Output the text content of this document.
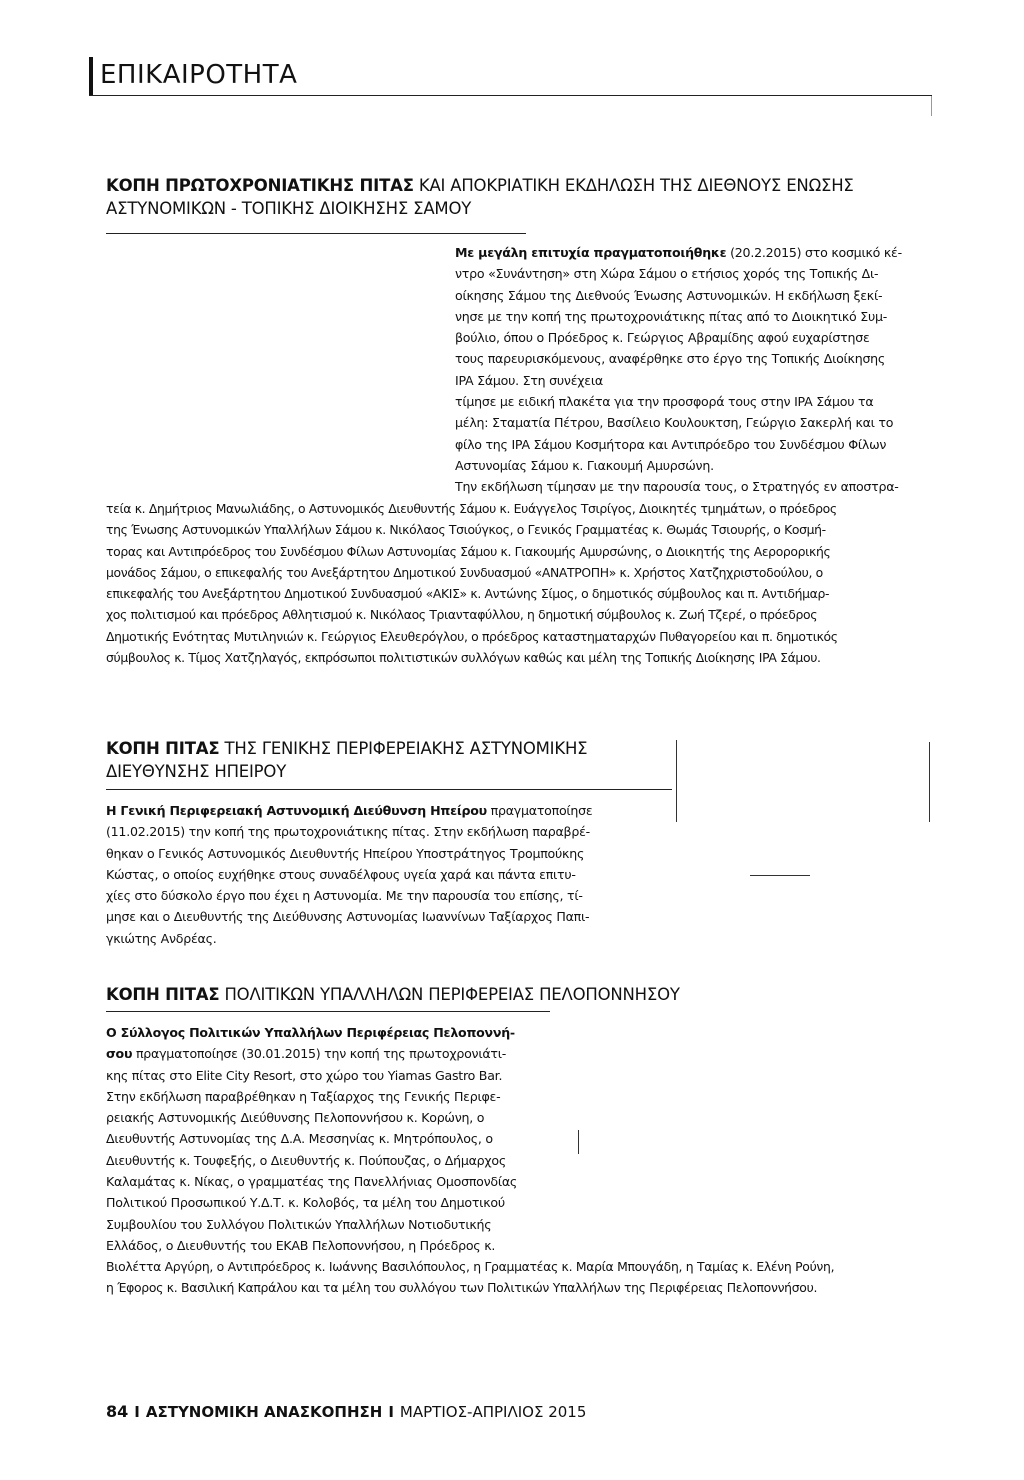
ΕΠΙΚΑΙΡΟΤΗΤΑ
ΚΟΠΗ ΠΡΩΤΟΧΡΟΝΙΑΤΙΚΗΣ ΠΙΤΑΣ ΚΑΙ ΑΠΟΚΡΙΑΤΙΚΗ ΕΚΔΗΛΩΣΗ ΤΗΣ ΔΙΕΘΝΟΥΣ ΕΝΩΣΗΣ
ΑΣΤΥΝΟΜΙΚΩΝ - ΤΟΠΙΚΗΣ ΔΙΟΙΚΗΣΗΣ ΣΑΜΟΥ
Με μεγάλη επιτυχία πραγματοποιήθηκε (20.2.2015) στο κοσμικό κέ-
ντρο «Συνάντηση» στη Χώρα Σάμου ο ετήσιος χορός της Τοπικής Δι-
οίκησης Σάμου της Διεθνούς Ένωσης Αστυνομικών. Η εκδήλωση ξεκί-
νησε με την κοπή της πρωτοχρονιάτικης πίτας από το Διοικητικό Συμ-
βούλιο, όπου ο Πρόεδρος κ. Γεώργιος Αβραμίδης αφού ευχαρίστησε
τους παρευρισκόμενους, αναφέρθηκε στο έργο της Τοπικής Διοίκησης
IPA Σάμου. Στη συνέχεια
τίμησε με ειδική πλακέτα για την προσφορά τους στην IPA Σάμου τα
μέλη: Σταματία Πέτρου, Βασίλειο Κουλουκτση, Γεώργιο Σακερλή και το
φίλο της IPA Σάμου Κοσμήτορα και Αντιπρόεδρο του Συνδέσμου Φίλων
Αστυνομίας Σάμου κ. Γιακουμή Αμυρσώνη.
Την εκδήλωση τίμησαν με την παρουσία τους, ο Στρατηγός εν αποστρα-
τεία κ. Δημήτριος Μανωλιάδης, ο Αστυνομικός Διευθυντής Σάμου κ. Ευάγγελος Τσιρίγος, Διοικητές τμημάτων, ο πρόεδρος
της Ένωσης Αστυνομικών Υπαλλήλων Σάμου κ. Νικόλαος Τσιούγκος, ο Γενικός Γραμματέας κ. Θωμάς Τσιουρής, ο Κοσμή-
τορας και Αντιπρόεδρος του Συνδέσμου Φίλων Αστυνομίας Σάμου κ. Γιακουμής Αμυρσώνης, ο Διοικητής της Αερορορικής
μονάδος Σάμου, ο επικεφαλής του Ανεξάρτητου Δημοτικού Συνδυασμού «ΑΝΑΤΡΟΠΗ» κ. Χρήστος Χατζηχριστοδούλου, ο
επικεφαλής του Ανεξάρτητου Δημοτικού Συνδυασμού «ΑΚΙΣ» κ. Αντώνης Σίμος, ο δημοτικός σύμβουλος και π. Αντιδήμαρ-
χος πολιτισμού και πρόεδρος Αθλητισμού κ. Νικόλαος Τριανταφύλλου, η δημοτική σύμβουλος κ. Ζωή Τζερέ, ο πρόεδρος
Δημοτικής Ενότητας Μυτιληνιών κ. Γεώργιος Ελευθερόγλου, ο πρόεδρος καταστηματαρχών Πυθαγορείου και π. δημοτικός
σύμβουλος κ. Τίμος Χατζηλαγός, εκπρόσωποι πολιτιστικών συλλόγων καθώς και μέλη της Τοπικής Διοίκησης IPA Σάμου.
ΚΟΠΗ ΠΙΤΑΣ ΤΗΣ ΓΕΝΙΚΗΣ ΠΕΡΙΦΕΡΕΙΑΚΗΣ ΑΣΤΥΝΟΜΙΚΗΣ
ΔΙΕΥΘΥΝΣΗΣ ΗΠΕΙΡΟΥ
Η Γενική Περιφερειακή Αστυνομική Διεύθυνση Ηπείρου πραγματοποίησε
(11.02.2015) την κοπή της πρωτοχρονιάτικης πίτας. Στην εκδήλωση παραβρέ-
θηκαν ο Γενικός Αστυνομικός Διευθυντής Ηπείρου Υποστράτηγος Τρομπούκης
Κώστας, ο οποίος ευχήθηκε στους συναδέλφους υγεία χαρά και πάντα επιτυ-
χίες στο δύσκολο έργο που έχει η Αστυνομία. Με την παρουσία του επίσης, τί-
μησε και ο Διευθυντής της Διεύθυνσης Αστυνομίας Ιωαννίνων Ταξίαρχος Παπι-
γκιώτης Ανδρέας.
ΚΟΠΗ ΠΙΤΑΣ ΠΟΛΙΤΙΚΩΝ ΥΠΑΛΛΗΛΩΝ ΠΕΡΙΦΕΡΕΙΑΣ ΠΕΛΟΠΟΝΝΗΣΟΥ
Ο Σύλλογος Πολιτικών Υπαλλήλων Περιφέρειας Πελοποννή-
σου πραγματοποίησε (30.01.2015) την κοπή της πρωτοχρονιάτι-
κης πίτας στο Elite City Resort, στο χώρο του Yiamas Gastro Bar.
Στην εκδήλωση παραβρέθηκαν η Ταξίαρχος της Γενικής Περιφε-
ρειακής Αστυνομικής Διεύθυνσης Πελοποννήσου κ. Κορώνη, ο
Διευθυντής Αστυνομίας της Δ.Α. Μεσσηνίας κ. Μητρόπουλος, ο
Διευθυντής κ. Τουφεξής, ο Διευθυντής κ. Πούπουζας, ο Δήμαρχος
Καλαμάτας κ. Νίκας, ο γραμματέας της Πανελλήνιας Ομοσπονδίας
Πολιτικού Προσωπικού Υ.Δ.Τ. κ. Κολοβός, τα μέλη του Δημοτικού
Συμβουλίου του Συλλόγου Πολιτικών Υπαλλήλων Νοτιοδυτικής
Ελλάδος, ο Διευθυντής του ΕΚΑΒ Πελοποννήσου, η Πρόεδρος κ.
Βιολέττα Αργύρη, ο Αντιπρόεδρος κ. Ιωάννης Βασιλόπουλος, η Γραμματέας κ. Μαρία Μπουγάδη, η Ταμίας κ. Ελένη Ρούνη,
η Έφορος κ. Βασιλική Καπράλου και τα μέλη του συλλόγου των Πολιτικών Υπαλλήλων της Περιφέρειας Πελοποννήσου.
84 I ΑΣΤΥΝΟΜΙΚΗ ΑΝΑΣΚΟΠΗΣΗ I ΜΑΡΤΙΟΣ-ΑΠΡΙΛΙΟΣ 2015
